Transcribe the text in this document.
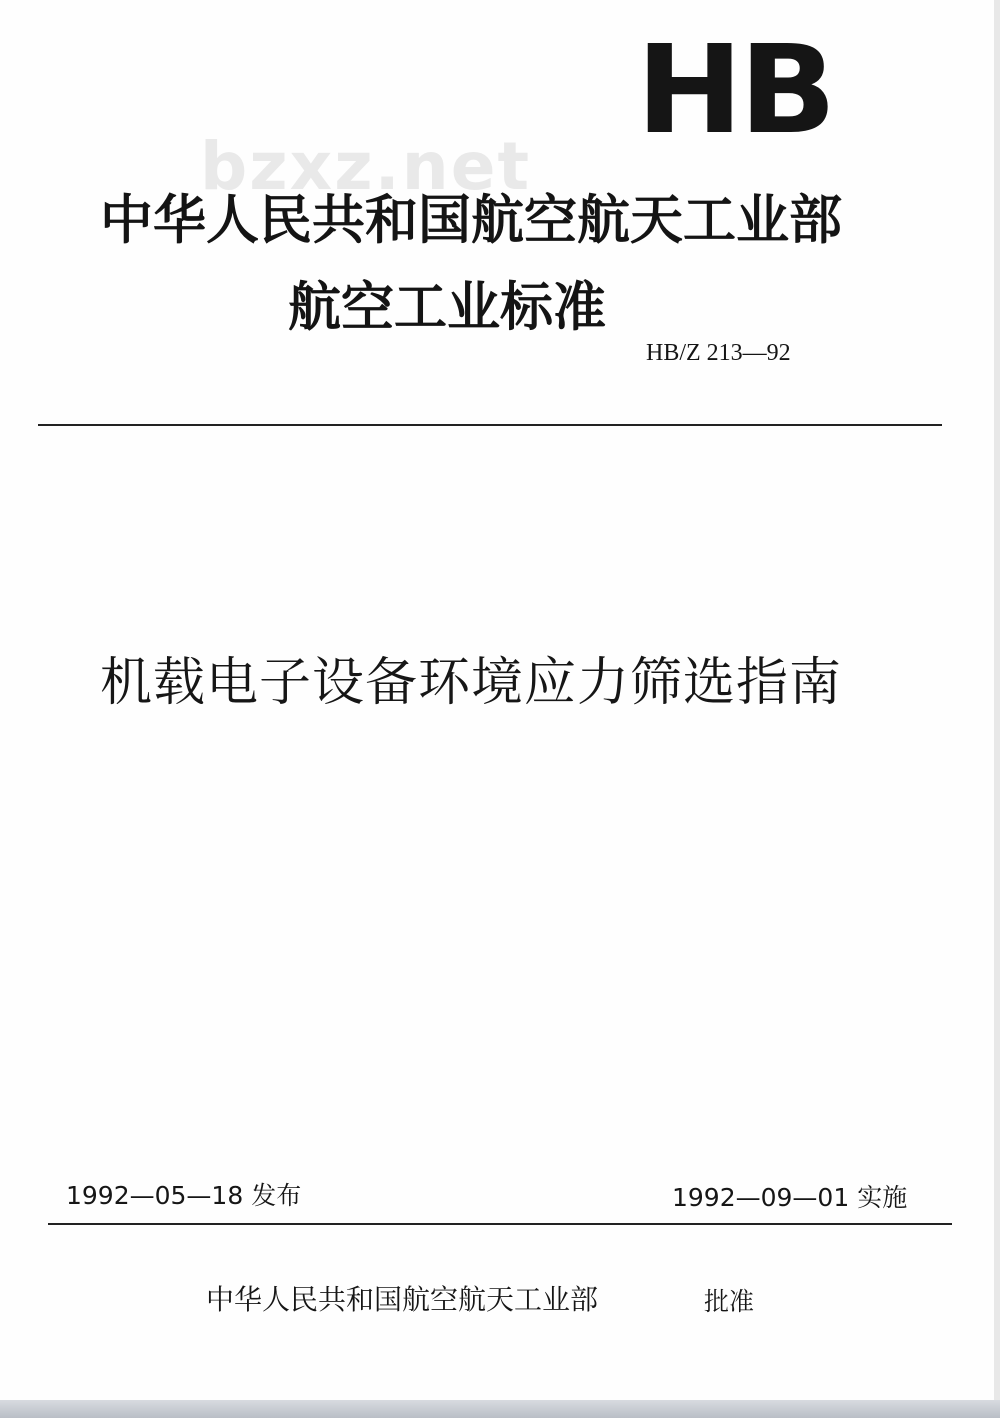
bzxz.net
HB
中华人民共和国航空航天工业部
航空工业标准
HB/Z 213—92
机载电子设备环境应力筛选指南
1992—05—18 发布	1992—09—01 实施
中华人民共和国航空航天工业部	批准
